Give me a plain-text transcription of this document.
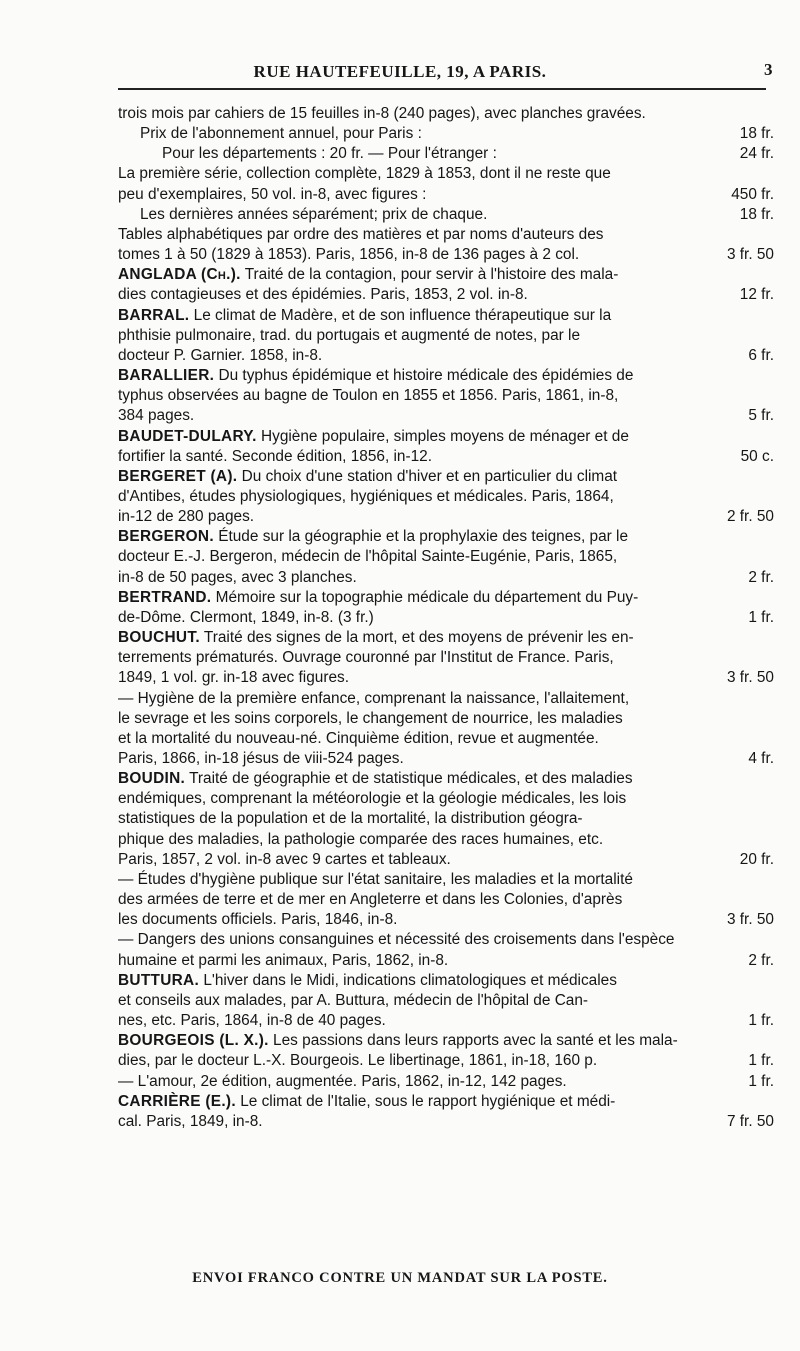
RUE HAUTEFEUILLE, 19, A PARIS.	3
trois mois par cahiers de 15 feuilles in-8 (240 pages), avec planches gravées.
Prix de l'abonnement annuel, pour Paris :	18 fr.
Pour les départements : 20 fr. — Pour l'étranger :	24 fr.
La première série, collection complète, 1829 à 1853, dont il ne reste que
peu d'exemplaires, 50 vol. in-8, avec figures :	450 fr.
Les dernières années séparément; prix de chaque.	18 fr.
Tables alphabétiques par ordre des matières et par noms d'auteurs des
tomes 1 à 50 (1829 à 1853). Paris, 1856, in-8 de 136 pages à 2 col.	3 fr. 50
ANGLADA (Ch.). Traité de la contagion, pour servir à l'histoire des mala-
dies contagieuses et des épidémies. Paris, 1853, 2 vol. in-8.	12 fr.
BARRAL. Le climat de Madère, et de son influence thérapeutique sur la
phthisie pulmonaire, trad. du portugais et augmenté de notes, par le
docteur P. Garnier. 1858, in-8.	6 fr.
BARALLIER. Du typhus épidémique et histoire médicale des épidémies de
typhus observées au bagne de Toulon en 1855 et 1856. Paris, 1861, in-8,
384 pages.	5 fr.
BAUDET-DULARY. Hygiène populaire, simples moyens de ménager et de
fortifier la santé. Seconde édition, 1856, in-12.	50 c.
BERGERET (A). Du choix d'une station d'hiver et en particulier du climat
d'Antibes, études physiologiques, hygiéniques et médicales. Paris, 1864,
in-12 de 280 pages.	2 fr. 50
BERGERON. Étude sur la géographie et la prophylaxie des teignes, par le
docteur E.-J. Bergeron, médecin de l'hôpital Sainte-Eugénie, Paris, 1865,
in-8 de 50 pages, avec 3 planches.	2 fr.
BERTRAND. Mémoire sur la topographie médicale du département du Puy-
de-Dôme. Clermont, 1849, in-8. (3 fr.)	1 fr.
BOUCHUT. Traité des signes de la mort, et des moyens de prévenir les en-
terrements prématurés. Ouvrage couronné par l'Institut de France. Paris,
1849, 1 vol. gr. in-18 avec figures.	3 fr. 50
— Hygiène de la première enfance, comprenant la naissance, l'allaitement,
le sevrage et les soins corporels, le changement de nourrice, les maladies
et la mortalité du nouveau-né. Cinquième édition, revue et augmentée.
Paris, 1866, in-18 jésus de viii-524 pages.	4 fr.
BOUDIN. Traité de géographie et de statistique médicales, et des maladies
endémiques, comprenant la météorologie et la géologie médicales, les lois
statistiques de la population et de la mortalité, la distribution géogra-
phique des maladies, la pathologie comparée des races humaines, etc.
Paris, 1857, 2 vol. in-8 avec 9 cartes et tableaux.	20 fr.
— Études d'hygiène publique sur l'état sanitaire, les maladies et la mortalité
des armées de terre et de mer en Angleterre et dans les Colonies, d'après
les documents officiels. Paris, 1846, in-8.	3 fr. 50
— Dangers des unions consanguines et nécessité des croisements dans l'espèce
humaine et parmi les animaux, Paris, 1862, in-8.	2 fr.
BUTTURA. L'hiver dans le Midi, indications climatologiques et médicales
et conseils aux malades, par A. Buttura, médecin de l'hôpital de Can-
nes, etc. Paris, 1864, in-8 de 40 pages.	1 fr.
BOURGEOIS (L. X.). Les passions dans leurs rapports avec la santé et les mala-
dies, par le docteur L.-X. Bourgeois. Le libertinage, 1861, in-18, 160 p.	1 fr.
— L'amour, 2e édition, augmentée. Paris, 1862, in-12, 142 pages.	1 fr.
CARRIÈRE (E.). Le climat de l'Italie, sous le rapport hygiénique et médi-
cal. Paris, 1849, in-8.	7 fr. 50
ENVOI FRANCO CONTRE UN MANDAT SUR LA POSTE.
